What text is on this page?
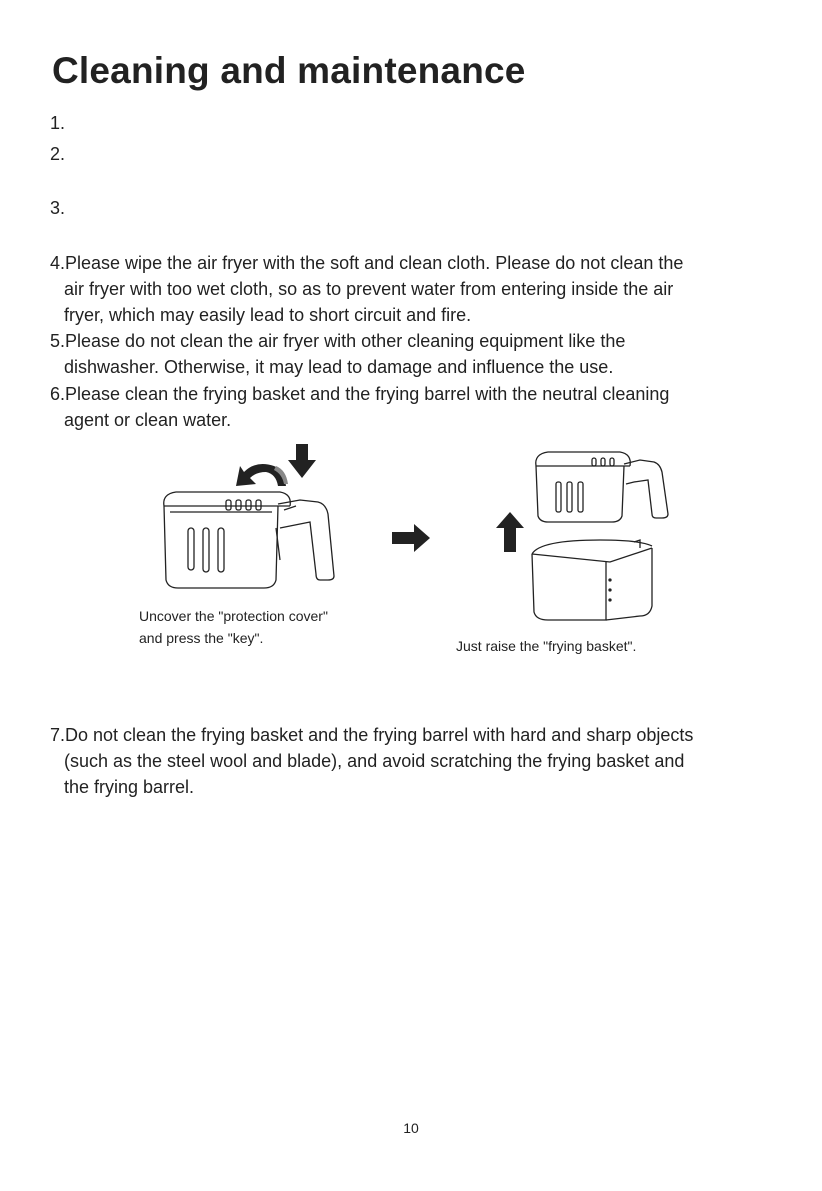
Cleaning and maintenance
1.
2.
3.
4.Please wipe the air fryer with the soft and clean cloth. Please do not clean the
air fryer with too wet cloth, so as to prevent water from entering inside the air
fryer, which may easily lead to short circuit and fire.
5.Please do not clean the air fryer with other cleaning equipment like the
dishwasher. Otherwise, it may lead to damage and influence the use.
6.Please clean the frying basket and the frying barrel with the neutral cleaning
agent or clean water.
Uncover the "protection cover"
and press the "key".	Just raise the "frying basket".
7.Do not clean the frying basket and the frying barrel with hard and sharp objects
(such as the steel wool and blade), and avoid scratching the frying basket and
the frying barrel.
10
